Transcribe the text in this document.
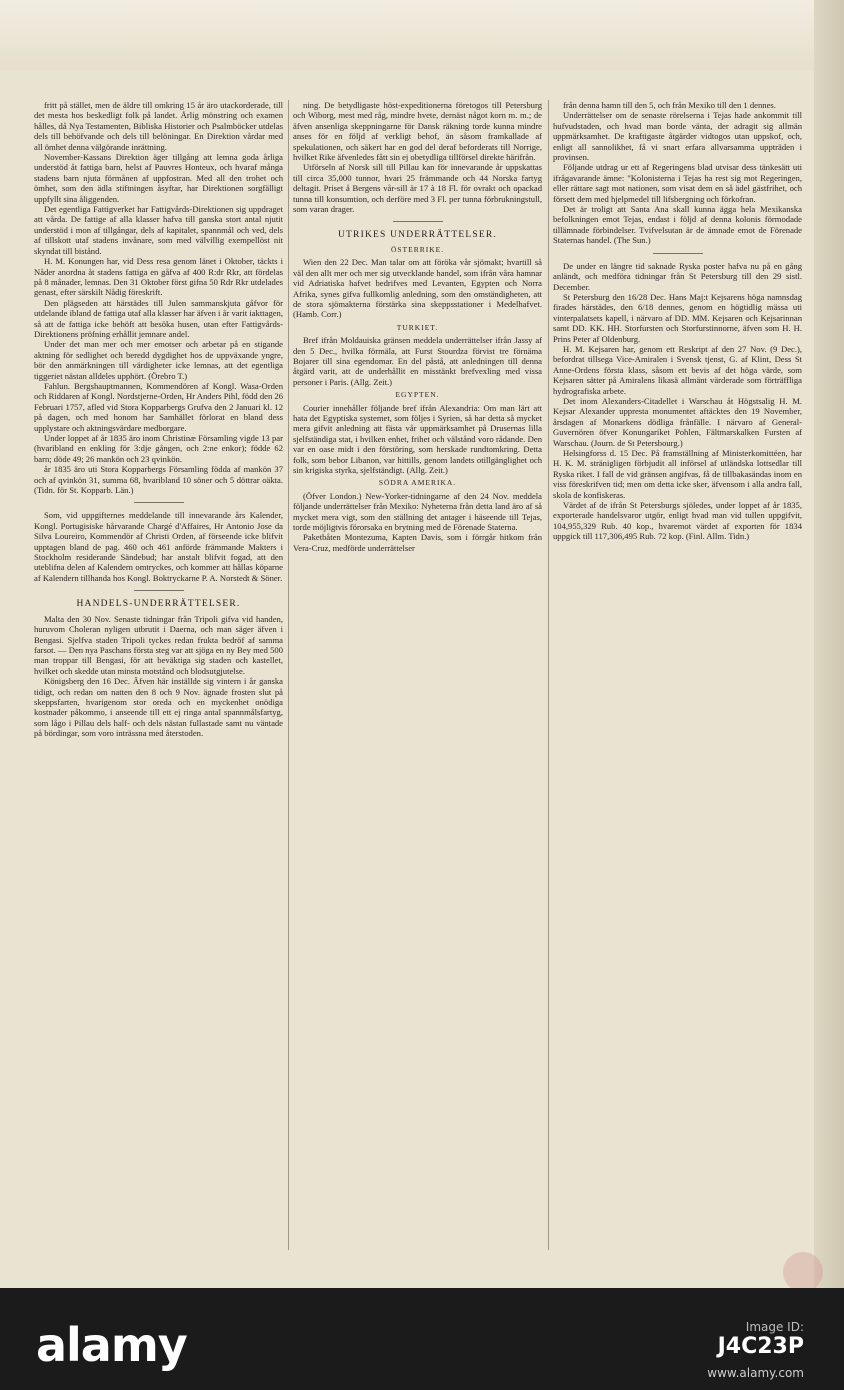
fritt på stället, men de äldre till omkring 15 år äro utackorderade, till det mesta hos beskedligt folk på landet. Årlig mönstring och examen hålles, då Nya Testamenten, Bibliska Historier och Psalmböcker utdelas dels till behöfvande och dels till belöningar. En Direktion vårdar med all ömhet denna välgörande inrättning.

November-Kassans Direktion äger tillgång att lemna goda årliga understöd åt fattiga barn, helst af Pauvres Honteux, och hvaraf många stadens barn njuta förmånen af uppfostran. Med all den trohet och ömhet, som den ädla stiftningen åsyftar, har Direktionen sorgfälligt uppfyllt sina åliggenden.

Det egentliga Fattigverket har Fattigvårds-Direktionen sig uppdraget att vårda. De fattige af alla klasser hafva till ganska stort antal njutit understöd i mon af tillgångar, dels af kapitalet, spannmål och ved, dels af tillskott utaf stadens invånare, som med välvillig exempellöst nit skyndat till bistånd.

H. M. Konungen har, vid Dess resa genom länet i Oktober, täckts i Nåder anordna åt stadens fattiga en gåfva af 400 R:dr Rkr, att fördelas på 8 månader, lemnas. Den 31 Oktober först gifna 50 Rdr Rkr utdelades genast, efter särskilt Nådig föreskrift.

Den plägseden att härstädes till Julen sammanskjuta gåfvor för utdelande ibland de fattiga utaf alla klasser har äfven i år varit iakttagen, så att de fattiga icke behöft att besöka husen, utan efter Fattigvårds-Direktionens pröfning erhållit jemnare andel.

Under det man mer och mer emotser och arbetar på en stigande aktning för sedlighet och beredd dygdighet hos de uppväxande yngre, bör den anmärkningen till värdigheter icke lemnas, att det egentliga tiggeriet nästan alldeles upphört. (Örebro T.)

Fahlun. Bergshauptmannen, Kommendören af Kongl. Wasa-Orden och Riddaren af Kongl. Nordstjerne-Orden, Hr Anders Pihl, född den 26 Februari 1757, afled vid Stora Kopparbergs Grufva den 2 Januari kl. 12 på dagen, och med honom har Samhället förlorat en bland dess upplystare och aktningsvärdare medborgare.

Under loppet af år 1835 äro inom Christinæ Församling vigde 13 par (hvaribland en enkling för 3:dje gången, och 2:ne enkor); födde 62 barn; döde 49; 26 mankön och 23 qvinkön.

år 1835 äro uti Stora Kopparbergs Församling födda af mankön 37 och af qvinkön 31, summa 68, hvaribland 10 söner och 5 döttrar oäkta. (Tidn. för St. Kopparb. Län.)

Som, vid uppgifternes meddelande till innevarande års Kalender, Kongl. Portugisiske hårvarande Chargé d'Affaires, Hr Antonio Jose da Silva Loureiro, Kommendör af Christi Orden, af förseende icke blifvit upptagen bland de pag. 460 och 461 anförde främmande Makters i Stockholm residerande Sändebud; har anstalt blifvit fogad, att den uteblifna delen af Kalendern omtryckes, och kommer att hållas köparne af Kalendern tillhanda hos Kongl. Boktryckarne P. A. Norstedt & Söner.

HANDELS-UNDERRÄTTELSER.

Malta den 30 Nov. Senaste tidningar från Tripoli gifva vid handen, huruvom Choleran nyligen utbrutit i Daerna, och man säger äfven i Bengasi. Sjelfva staden Tripoli tyckes redan frukta bedröf af samma farsot. — Den nya Paschans första steg var att sjöga en ny Bey med 500 man troppar till Bengasi, för att beväktiga sig staden och kastellet, hvilket och skedde utan minsta motstånd och blodsutgjutelse.

Königsberg den 16 Dec. Äfven här inställde sig vintern i år ganska tidigt, och redan om natten den 8 och 9 Nov. ägnade frosten slut på skeppsfarten, hvarigenom stor oreda och en myckenhet onödiga kostnader påkommo, i anseende till ett ej ringa antal spannmålsfartyg, som lågo i Pillau dels half- och dels nästan fullastade samt nu väntade på bördingar, som voro inträssna med återstoden.

ning. De betydligaste höst-expeditionerna företogos till Petersburg och Wiborg, mest med råg, mindre hvete, dernäst något korn m. m.; de äfven ansenliga skeppningarne för Dansk räkning torde kunna mindre anses för en följd af verkligt behof, än såsom framkallade af spekulationen, och säkert har en god del deraf beforderats till Norrige, hvilket Rike äfvenledes fått sin ej obetydliga tillförsel direkte härifrån.

Utförseln af Norsk sill till Pillau kan för innevarande år uppskattas till circa 35,000 tunnor, hvari 25 främmande och 44 Norska fartyg deltagit. Priset å Bergens vår-sill är 17 à 18 Fl. för ovrakt och opackad tunna till konsumtion, och derföre med 3 Fl. per tunna förbrukningstull, som varan drager.

UTRIKES UNDERRÄTTELSER.
ÖSTERRIKE.

Wien den 22 Dec. Man talar om att förökа vår sjömakt; hvartill så väl den allt mer och mer sig utvecklande handel, som ifrån våra hamnar vid Adriatiska hafvet bedrifves med Levanten, Egypten och Norra Afrika, synes gifva fullkomlig anledning, som den omständigheten, att de stora sjömakterna förstärka sina skeppsstationer i Medelhafvet. (Hamb. Corr.)

TURKIET.

Bref ifrån Moldauiska gränsen meddela underrättelser ifrån Jassy af den 5 Dec., hvilka förmäla, att Furst Stourdza förvist tre förnäma Bojarer till sina egendomar. En del påstå, att anledningen till denna åtgärd varit, att de underhållit en misstänkt brefvexling med vissa personer i Paris. (Allg. Zeit.)

EGYPTEN.

Courier innehåller följande bref ifrån Alexandria: Om man lärt att hata det Egyptiska systemet, som följes i Syrien, så har detta så mycket mera gifvit anledning att fästa vår uppmärksamhet på Drusernas lilla sjelfständiga stat, i hvilken enhet, frihet och välstånd voro rådande. Den var en oase midt i den förstöring, som herskade rundtomkring. Detta folk, som bebor Libanon, var hittills, genom landets otillgänglighet och sin krigiska styrka, sjelfständigt. (Allg. Zeit.)

SÖDRA AMERIKA.

(Öfver London.) New-Yorker-tidningarne af den 24 Nov. meddela följande underrättelser från Mexiko: Nyheterna från detta land äro af så mycket mera vigt, som den ställning det antager i häseende till Tejas, torde möjligtvis förorsaka en brytning med de Förenade Staterna.

Paketbåten Montezuma, Kapten Davis, som i förrgår hitkom från Vera-Cruz, medförde underrättelser

från denna hamn till den 5, och från Mexiko till den 1 dennes.

Underrättelser om de senaste rörelserna i Tejas hade ankommit till hufvudstaden, och hvad man borde vänta, der adragit sig allmän uppmärksamhet. De kraftigaste åtgärder vidtogos utan uppskof, och, enligt all sannolikhet, få vi snart erfara allvarsamma uppträden i provinsen.

Följande utdrag ur ett af Regeringens blad utvisar dess tänkesätt uti ifrågavarande ämne: "Kolonisterna i Tejas ha rest sig mot Regeringen, eller rättare sagt mot nationen, som visat dem en så ädel gästfrihet, och försett dem med hjelpmedel till lifsbergning och förkofran.

Det är troligt att Santa Ana skall kunna ägga hela Mexikanska befolkningen emot Tejas, endast i följd af denna kolonis förmodade tillämnade förbindelser. Tvifvelsutan är de ämnade emot de Förenade Staternas handel. (The Sun.)

De under en längre tid saknade Ryska poster hafva nu på en gång anländt, och medföra tidningar från St Petersburg till den 29 sistl. December.

St Petersburg den 16/28 Dec. Hans Maj:t Kejsarens höga namnsdag firades härstädes, den 6/18 dennes, genom en högtidlig mässa uti vinterpalatsets kapell, i närvaro af DD. MM. Kejsaren och Kejsarinnan samt DD. KK. HH. Storfursten och Storfurstinnorne, äfven som H. H. Prins Peter af Oldenburg.

H. M. Kejsaren har, genom ett Reskript af den 27 Nov. (9 Dec.), befordrat tillsega Vice-Amiralen i Svensk tjenst, G. af Klint, Dess St Anne-Ordens första klass, såsom ett bevis af det höga värde, som Kejsaren sätter på Amiralens likasä allmänt värderade som förträffliga hydrografiska arbete.

Det inom Alexanders-Citadellet i Warschau åt Högstsalig H. M. Kejsar Alexander uppresta monumentet aftäcktes den 19 November, årsdagen af Monarkens dödliga frånfälle. I närvaro af General-Guvernören öfver Konungariket Pohlen, Fältmarskalken Fursten af Warschau. (Journ. de St Petersbourg.)

Helsingforss d. 15 Dec. På framställning af Ministerkomittéen, har H. K. M. stränigligen förbjudit all införsel af utländska lottsedlar till Ryska riket. I fall de vid gränsen angifvas, få de tillbakasändas inom en viss föreskrifven tid; men om detta icke sker, äfvensom i alla andra fall, skola de konfiskeras.

Värdet af de ifrån St Petersburgs sjöledes, under loppet af år 1835, exporterade handelsvaror utgör, enligt hvad man vid tullen uppgifvit, 104,955,329 Rub. 40 kop., hvaremot värdet af exporten för 1834 uppgick till 117,306,495 Rub. 72 kop. (Finl. Allm. Tidn.)

alamy	Image ID:
J4C23P
www.alamy.com
